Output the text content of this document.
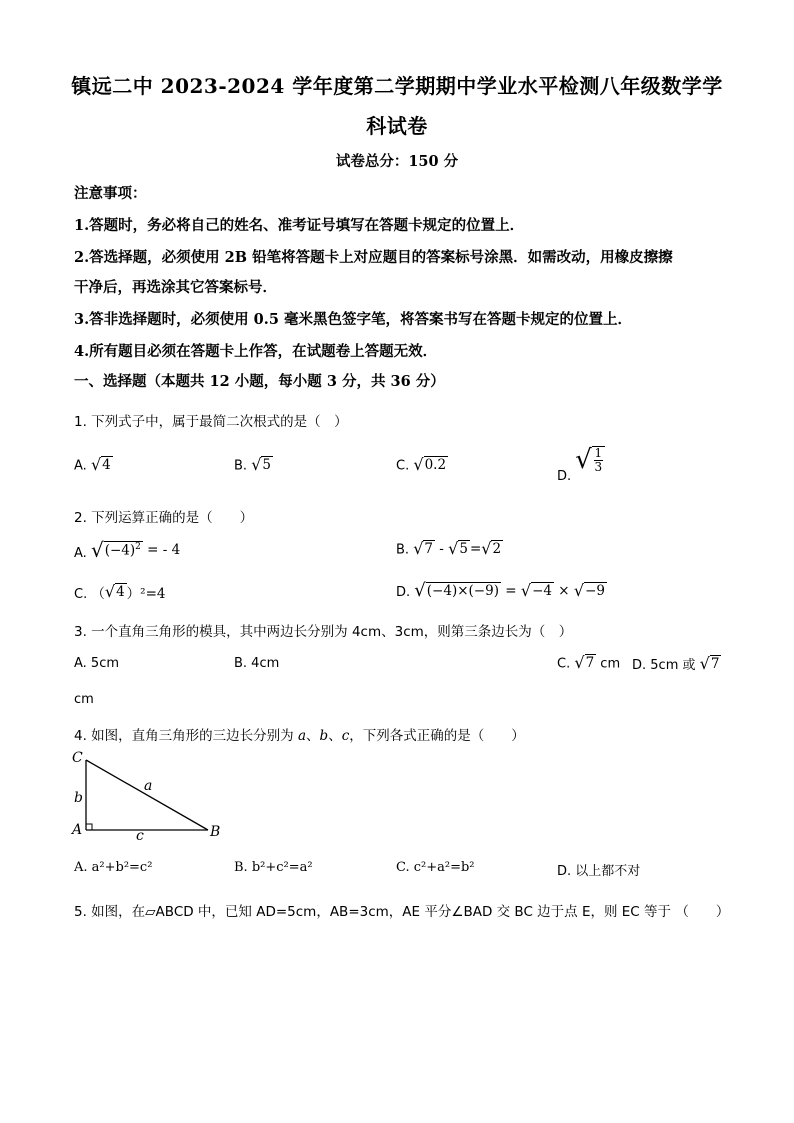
镇远二中 2023-2024 学年度第二学期期中学业水平检测八年级数学学
科试卷
试卷总分：150 分
注意事项：
1.答题时，务必将自己的姓名、准考证号填写在答题卡规定的位置上．
2.答选择题，必须使用 2B 铅笔将答题卡上对应题目的答案标号涂黑．如需改动，用橡皮擦擦
干净后，再选涂其它答案标号．
3.答非选择题时，必须使用 0.5 毫米黑色签字笔，将答案书写在答题卡规定的位置上．
4.所有题目必须在答题卡上作答，在试题卷上答题无效．
一、选择题（本题共 12 小题，每小题 3 分，共 36 分）
1. 下列式子中，属于最简二次根式的是（　）
A. √ 4	B. √ 5	C. √ 0.2
D.
√ 1
3
2. 下列运算正确的是（　　）
A. √ $(-4)^2$
= - 4	B. √ 7
-
√ 5 = √ 2
C. （ √ 4 ）²=4	D. √ (−4)×(−9)
=
√ −4
×
√ −9
3. 一个直角三角形的模具，其中两边长分别为 4cm、3cm，则第三条边长为（　）
A. 5cm	B. 4cm	C. √ 7 cm D. 5cm 或 √ 7
cm
4. 如图，直角三角形的三边长分别为 a、b、c，下列各式正确的是（　　）
C
A	B
a
b
c
A. a²+b²=c²	B. b²+c²=a²	C. c²+a²=b²	D. 以上都不对
5. 如图，在▱ABCD 中，已知 AD=5cm，AB=3cm，AE 平分∠BAD 交 BC 边于点 E，则 EC 等于 （　　）
